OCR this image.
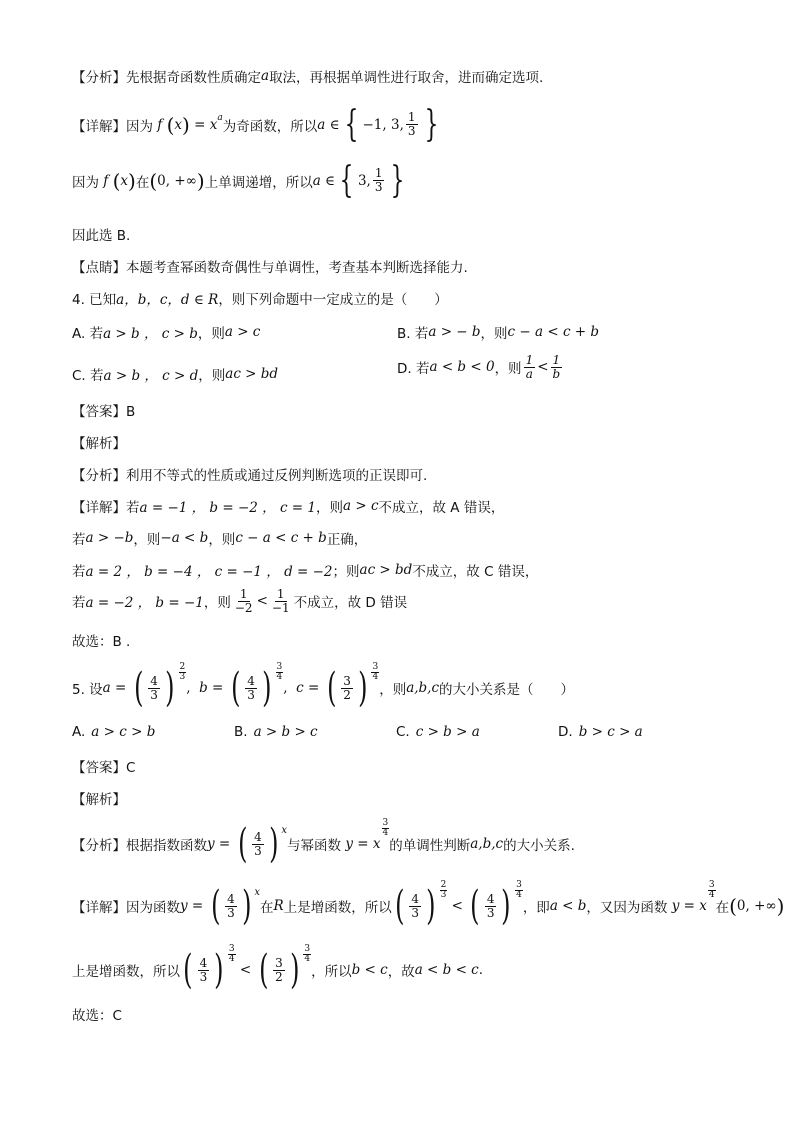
【分析】 先根据奇函数性质确定 a 取法，再根据单调性进行取舍，进而确定选项.
【详解】 因为 f ( x ) = x a
为奇函数，所以 a ∈ { −1, 3, $\frac{1}{3}$ }
因为 f ( x ) 在 ( 0, +∞ ) 上单调递增，所以 a ∈ { 3, $\frac{1}{3}$ }
因此选 B.
【点睛】 本题考查幂函数奇偶性与单调性，考查基本判断选择能力.
4. 已知 a，b，c，d ∈ R ，则下列命题中一定成立的是（　　）
A. 若 a > b ， c > b ，则 a > c	B. 若 a > − b ，则 c − a < c + b
C. 若 a > b ， c > d ，则 ac > bd	D. 若 a < b < 0 ，则 $\frac{1}{a} < \frac{1}{b}$
【答案】B
【解析】
【分析】 利用不等式的性质或通过反例判断选项的正误即可.
【详解】 若 a = −1 ， b = −2 ， c = 1 ，则 a > c 不成立，故 A 错误，
若 a > −b ，则 −a < b ，则 c − a < c + b 正确，
若 a = 2 ， b = −4 ， c = −1 ， d = −2 ；则 ac > bd 不成立，故 C 错误，
若 a = −2 ， b = −1 ，则 $\frac{1}{-2} < \frac{1}{-1}$ 不成立，故 D 错误
故选：B .
5. 设 a = ( $\frac{4}{3}$ ) 2
3
, b = ( $\frac{4}{3}$ ) 3
4
, c = ( $\frac{3}{2}$ ) 3
4
，则 a,b,c 的大小关系是（　　）
A. a > c > b	B. a > b > c	C. c > b > a	D. b > c > a
【答案】C
【解析】
【分析】 根据指数函数 y = ( $\frac{4}{3}$ ) x
与幂函数 y = x
3
4
的单调性判断 a,b,c 的大小关系.
【详解】 因为函数 y = ( $\frac{4}{3}$ ) x
在 R 上是增函数，所以 ( $\frac{4}{3}$ ) 2
3
< ( $\frac{4}{3}$ ) 3
4
，即 a < b ，又因为函数 y = x
3
4
在 ( 0, +∞ )
上是增函数，所以 ( $\frac{4}{3}$ ) 3
4
< ( $\frac{3}{2}$ ) 3
4
，所以 b < c ，故 a < b < c .
故选：C
